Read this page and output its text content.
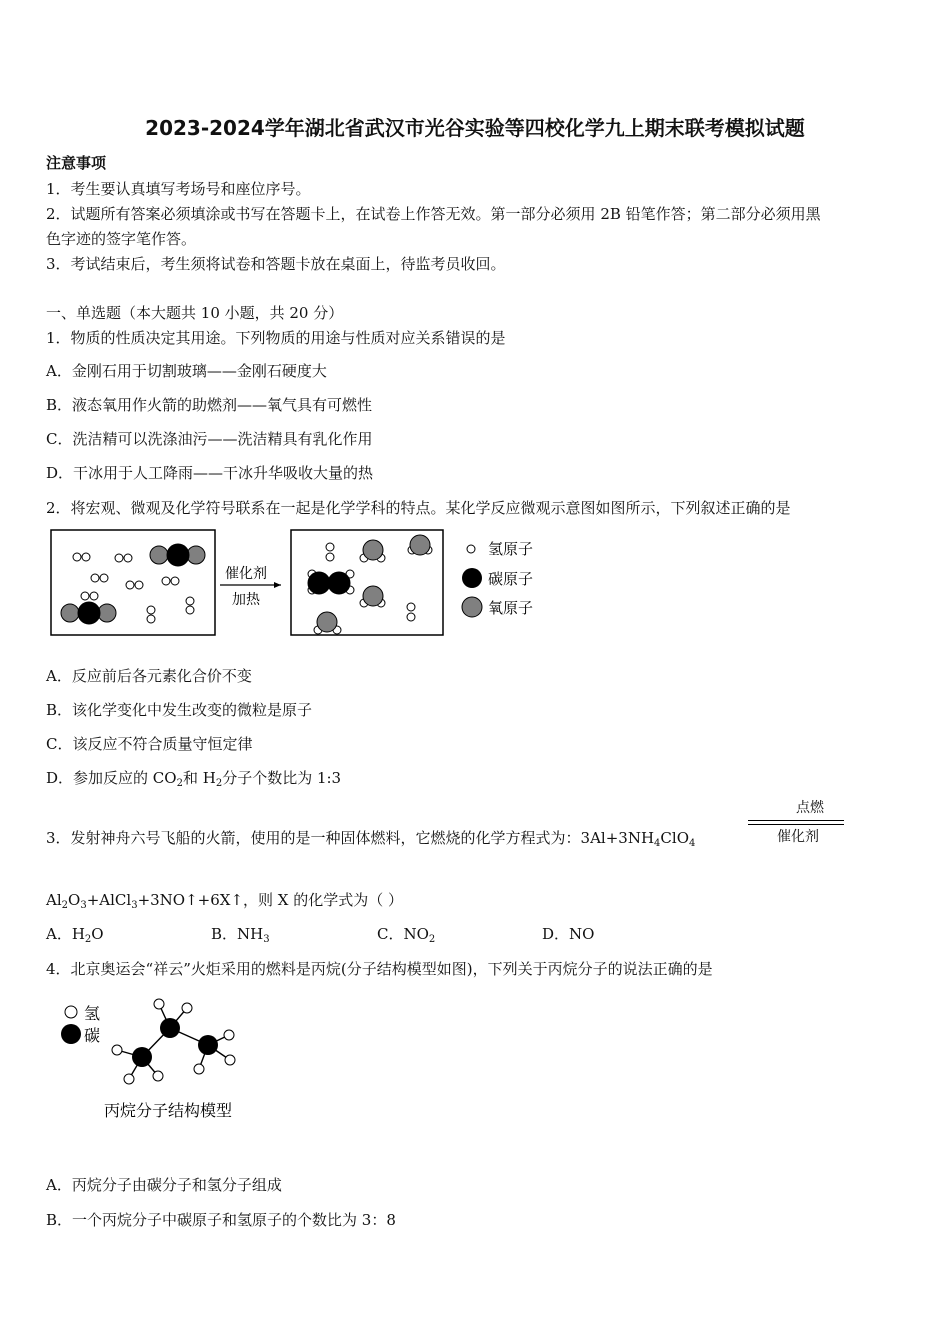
2023-2024学年湖北省武汉市光谷实验等四校化学九上期末联考模拟试题
注意事项
1．考生要认真填写考场号和座位序号。
2．试题所有答案必须填涂或书写在答题卡上，在试卷上作答无效。第一部分必须用 2B 铅笔作答；第二部分必须用黑
色字迹的签字笔作答。
3．考试结束后，考生须将试卷和答题卡放在桌面上，待监考员收回。
一、单选题（本大题共 10 小题，共 20 分）
1．物质的性质决定其用途。下列物质的用途与性质对应关系错误的是
A．金刚石用于切割玻璃——金刚石硬度大
B．液态氧用作火箭的助燃剂——氧气具有可燃性
C．洗洁精可以洗涤油污——洗洁精具有乳化作用
D．干冰用于人工降雨——干冰升华吸收大量的热
2．将宏观、微观及化学符号联系在一起是化学学科的特点。某化学反应微观示意图如图所示，下列叙述正确的是
催化剂
加热
氢原子
碳原子
氧原子
A．反应前后各元素化合价不变
B．该化学变化中发生改变的微粒是原子
C．该反应不符合质量守恒定律
D．参加反应的 $CO_2$和 $H_2$分子个数比为 1:3
3．发射神舟六号飞船的火箭，使用的是一种固体燃料，它燃烧的化学方程式为：$3Al+3NH_4ClO_4$
点燃
催化剂
$Al_2O_3+AlCl_3+3NO↑+6X↑$，则 X 的化学式为（ ）
A．$H_2O$	B．$NH_3$	C．$NO_2$	D．NO
4．北京奥运会“祥云”火炬采用的燃料是丙烷(分子结构模型如图)，下列关于丙烷分子的说法正确的是
氢
碳
丙烷分子结构模型
A．丙烷分子由碳分子和氢分子组成
B．一个丙烷分子中碳原子和氢原子的个数比为 3：8
